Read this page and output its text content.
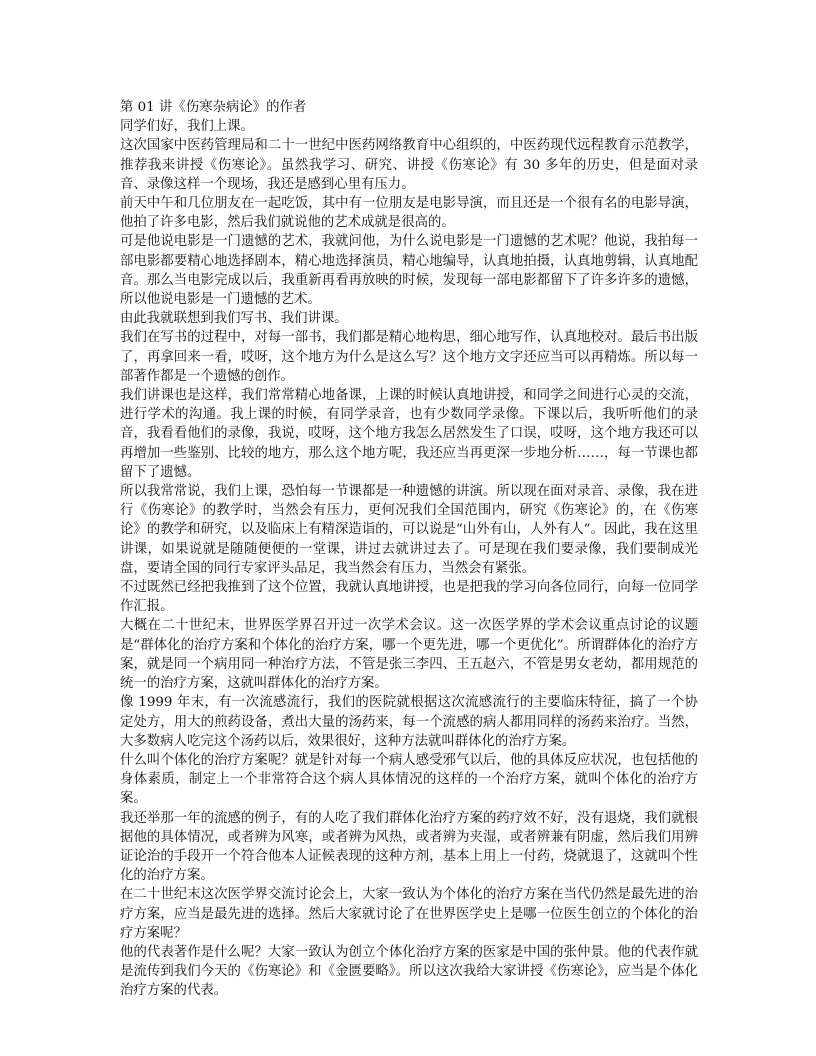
第 01 讲《伤寒杂病论》的作者

同学们好，我们上课。

这次国家中医药管理局和二十一世纪中医药网络教育中心组织的，中医药现代远程教育示范教学，推荐我来讲授《伤寒论》。虽然我学习、研究、讲授《伤寒论》有 30 多年的历史，但是面对录音、录像这样一个现场，我还是感到心里有压力。

前天中午和几位朋友在一起吃饭，其中有一位朋友是电影导演，而且还是一个很有名的电影导演，他拍了许多电影，然后我们就说他的艺术成就是很高的。

可是他说电影是一门遗憾的艺术，我就问他，为什么说电影是一门遗憾的艺术呢？他说，我拍每一部电影都要精心地选择剧本，精心地选择演员，精心地编导，认真地拍摄，认真地剪辑，认真地配音。那么当电影完成以后，我重新再看再放映的时候，发现每一部电影都留下了许多许多的遗憾，所以他说电影是一门遗憾的艺术。

由此我就联想到我们写书、我们讲课。

我们在写书的过程中，对每一部书，我们都是精心地构思，细心地写作，认真地校对。最后书出版了，再拿回来一看，哎呀，这个地方为什么是这么写？这个地方文字还应当可以再精炼。所以每一部著作都是一个遗憾的创作。

我们讲课也是这样，我们常常精心地备课，上课的时候认真地讲授，和同学之间进行心灵的交流，进行学术的沟通。我上课的时候，有同学录音，也有少数同学录像。下课以后，我听听他们的录音，我看看他们的录像，我说，哎呀，这个地方我怎么居然发生了口误，哎呀，这个地方我还可以再增加一些鉴别、比较的地方，那么这个地方呢，我还应当再更深一步地分析……，每一节课也都留下了遗憾。

所以我常常说，我们上课，恐怕每一节课都是一种遗憾的讲演。所以现在面对录音、录像，我在进行《伤寒论》的教学时，当然会有压力，更何况我们全国范围内，研究《伤寒论》的，在《伤寒论》的教学和研究，以及临床上有精深造诣的，可以说是“山外有山，人外有人”。因此，我在这里讲课，如果说就是随随便便的一堂课，讲过去就讲过去了。可是现在我们要录像，我们要制成光盘，要请全国的同行专家评头品足，我当然会有压力，当然会有紧张。

不过既然已经把我推到了这个位置，我就认真地讲授，也是把我的学习向各位同行，向每一位同学作汇报。

大概在二十世纪末，世界医学界召开过一次学术会议。这一次医学界的学术会议重点讨论的议题是“群体化的治疗方案和个体化的治疗方案，哪一个更先进，哪一个更优化”。所谓群体化的治疗方案，就是同一个病用同一种治疗方法，不管是张三李四、王五赵六，不管是男女老幼，都用规范的统一的治疗方案，这就叫群体化的治疗方案。

像 1999 年末，有一次流感流行，我们的医院就根据这次流感流行的主要临床特征，搞了一个协定处方，用大的煎药设备，煮出大量的汤药来，每一个流感的病人都用同样的汤药来治疗。当然，大多数病人吃完这个汤药以后，效果很好，这种方法就叫群体化的治疗方案。

什么叫个体化的治疗方案呢？就是针对每一个病人感受邪气以后，他的具体反应状况，也包括他的身体素质，制定上一个非常符合这个病人具体情况的这样的一个治疗方案，就叫个体化的治疗方案。

我还举那一年的流感的例子，有的人吃了我们群体化治疗方案的药疗效不好，没有退烧，我们就根据他的具体情况，或者辨为风寒，或者辨为风热，或者辨为夹湿，或者辨兼有阴虚，然后我们用辨证论治的手段开一个符合他本人证候表现的这种方剂，基本上用上一付药，烧就退了，这就叫个性化的治疗方案。

在二十世纪末这次医学界交流讨论会上，大家一致认为个体化的治疗方案在当代仍然是最先进的治疗方案，应当是最先进的选择。然后大家就讨论了在世界医学史上是哪一位医生创立的个体化的治疗方案呢？

他的代表著作是什么呢？大家一致认为创立个体化治疗方案的医家是中国的张仲景。他的代表作就是流传到我们今天的《伤寒论》和《金匮要略》。所以这次我给大家讲授《伤寒论》，应当是个体化治疗方案的代表。
